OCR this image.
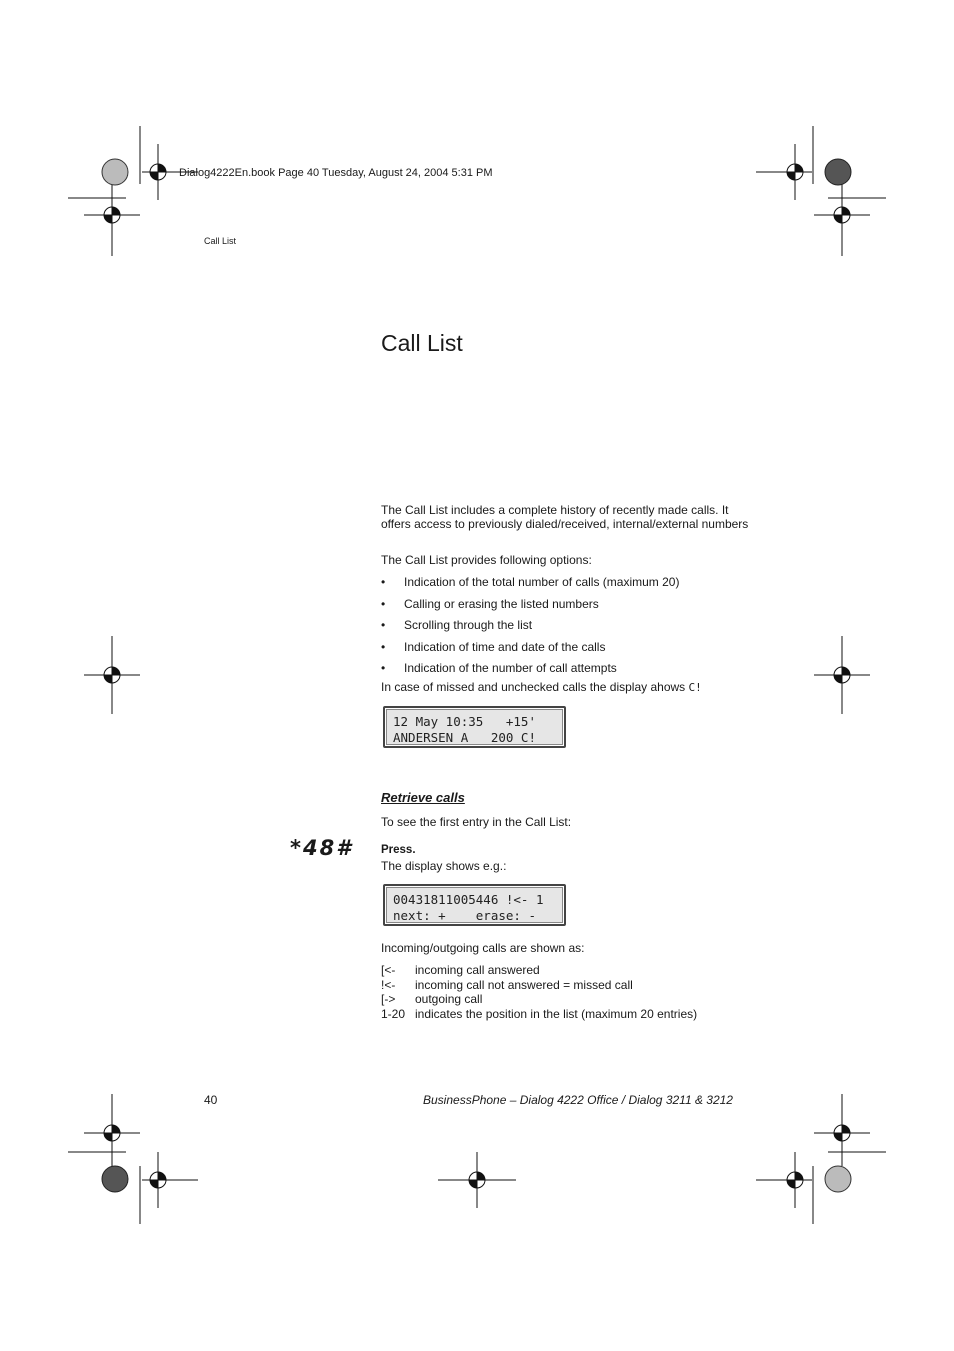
Dialog4222En.book Page 40 Tuesday, August 24, 2004 5:31 PM
Call List
Call List
The Call List includes a complete history of recently made calls. It offers access to previously dialed/received, internal/external numbers
The Call List provides following options:
• Indication of the total number of calls (maximum 20)
• Calling or erasing the listed numbers
• Scrolling through the list
• Indication of time and date of the calls
• Indication of the number of call attempts
In case of missed and unchecked calls the display ahows C!
12 May 10:35   +15'
ANDERSEN A   200 C!
Retrieve calls
To see the first entry in the Call List:
*48# Press.
The display shows e.g.:
00431811005446 !<- 1
next: +    erase: -
Incoming/outgoing calls are shown as:
[<-	incoming call answered
!<-	incoming call not answered = missed call
[->	outgoing call
1-20 indicates the position in the list (maximum 20 entries)
40	BusinessPhone – Dialog 4222 Office / Dialog 3211 & 3212
